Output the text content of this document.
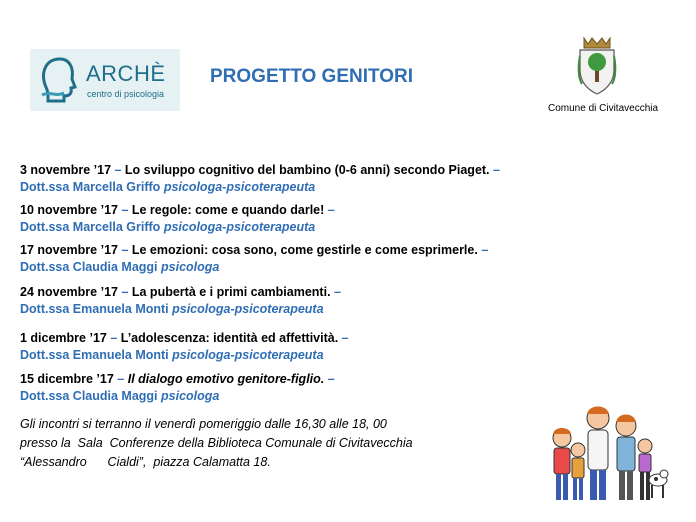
ARCHÈ
centro di psicologia
PROGETTO GENITORI
Comune di Civitavecchia
3 novembre ’17 – Lo sviluppo cognitivo del bambino (0-6 anni) secondo Piaget. –
Dott.ssa Marcella Griffo psicologa-psicoterapeuta
10 novembre ’17 – Le regole: come e quando darle! –
Dott.ssa Marcella Griffo psicologa-psicoterapeuta
17 novembre ’17 – Le emozioni: cosa sono, come gestirle e come esprimerle. –
Dott.ssa Claudia Maggi psicologa
24 novembre ’17 – La pubertà e i primi cambiamenti. –
Dott.ssa Emanuela Monti psicologa-psicoterapeuta
1 dicembre ’17 – L’adolescenza: identità ed affettività. –
Dott.ssa Emanuela Monti psicologa-psicoterapeuta
15 dicembre ’17 – Il dialogo emotivo genitore-figlio. –
Dott.ssa Claudia Maggi psicologa
Gli incontri si terranno il venerdì pomeriggio dalle 16,30 alle 18, 00
presso la  Sala  Conferenze della Biblioteca Comunale di Civitavecchia
“Alessandro      Cialdi”,  piazza Calamatta 18.
